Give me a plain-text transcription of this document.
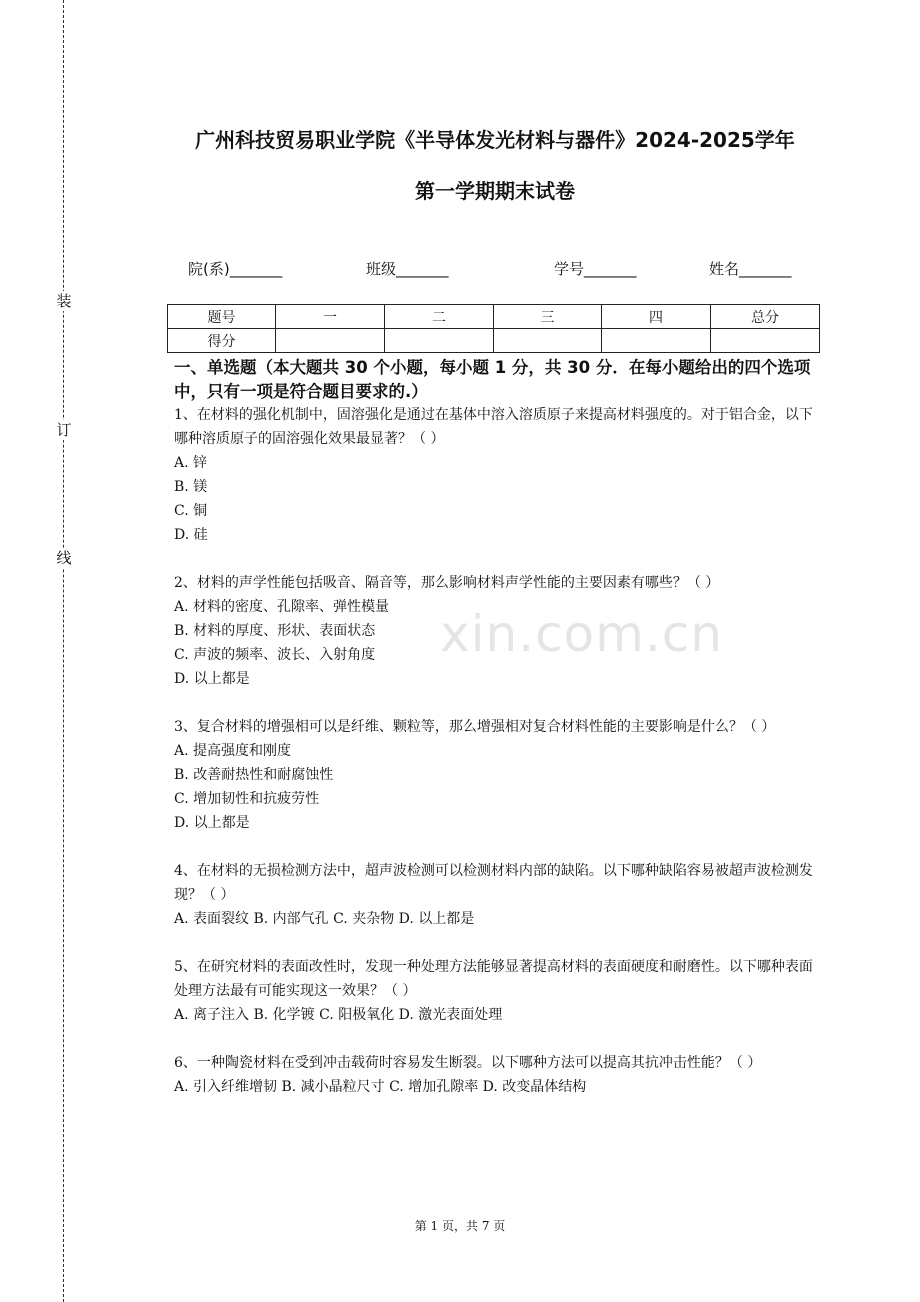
装
订
线
广州科技贸易职业学院《半导体发光材料与器件》2024-2025学年
第一学期期末试卷
院(系)_______	班级_______	学号_______	姓名_______
题号	一	二	三	四	总分
得分					
一、单选题（本大题共 30 个小题，每小题 1 分，共 30 分．在每小题给出的四个选项中，只有一项是符合题目要求的.）

1、在材料的强化机制中，固溶强化是通过在基体中溶入溶质原子来提高材料强度的。对于铝合金，以下哪种溶质原子的固溶强化效果最显著？（ ）

A. 锌

B. 镁

C. 铜

D. 硅

2、材料的声学性能包括吸音、隔音等，那么影响材料声学性能的主要因素有哪些？（ ）

A. 材料的密度、孔隙率、弹性模量

B. 材料的厚度、形状、表面状态

C. 声波的频率、波长、入射角度

D. 以上都是

3、复合材料的增强相可以是纤维、颗粒等，那么增强相对复合材料性能的主要影响是什么？（ ）

A. 提高强度和刚度

B. 改善耐热性和耐腐蚀性

C. 增加韧性和抗疲劳性

D. 以上都是

4、在材料的无损检测方法中，超声波检测可以检测材料内部的缺陷。以下哪种缺陷容易被超声波检测发现？（ ）

A. 表面裂纹 B. 内部气孔 C. 夹杂物 D. 以上都是

5、在研究材料的表面改性时，发现一种处理方法能够显著提高材料的表面硬度和耐磨性。以下哪种表面处理方法最有可能实现这一效果？（ ）

A. 离子注入 B. 化学镀 C. 阳极氧化 D. 激光表面处理

6、一种陶瓷材料在受到冲击载荷时容易发生断裂。以下哪种方法可以提高其抗冲击性能？（ ）

A. 引入纤维增韧 B. 减小晶粒尺寸 C. 增加孔隙率 D. 改变晶体结构

xin.com.cn
第 1 页，共 7 页
